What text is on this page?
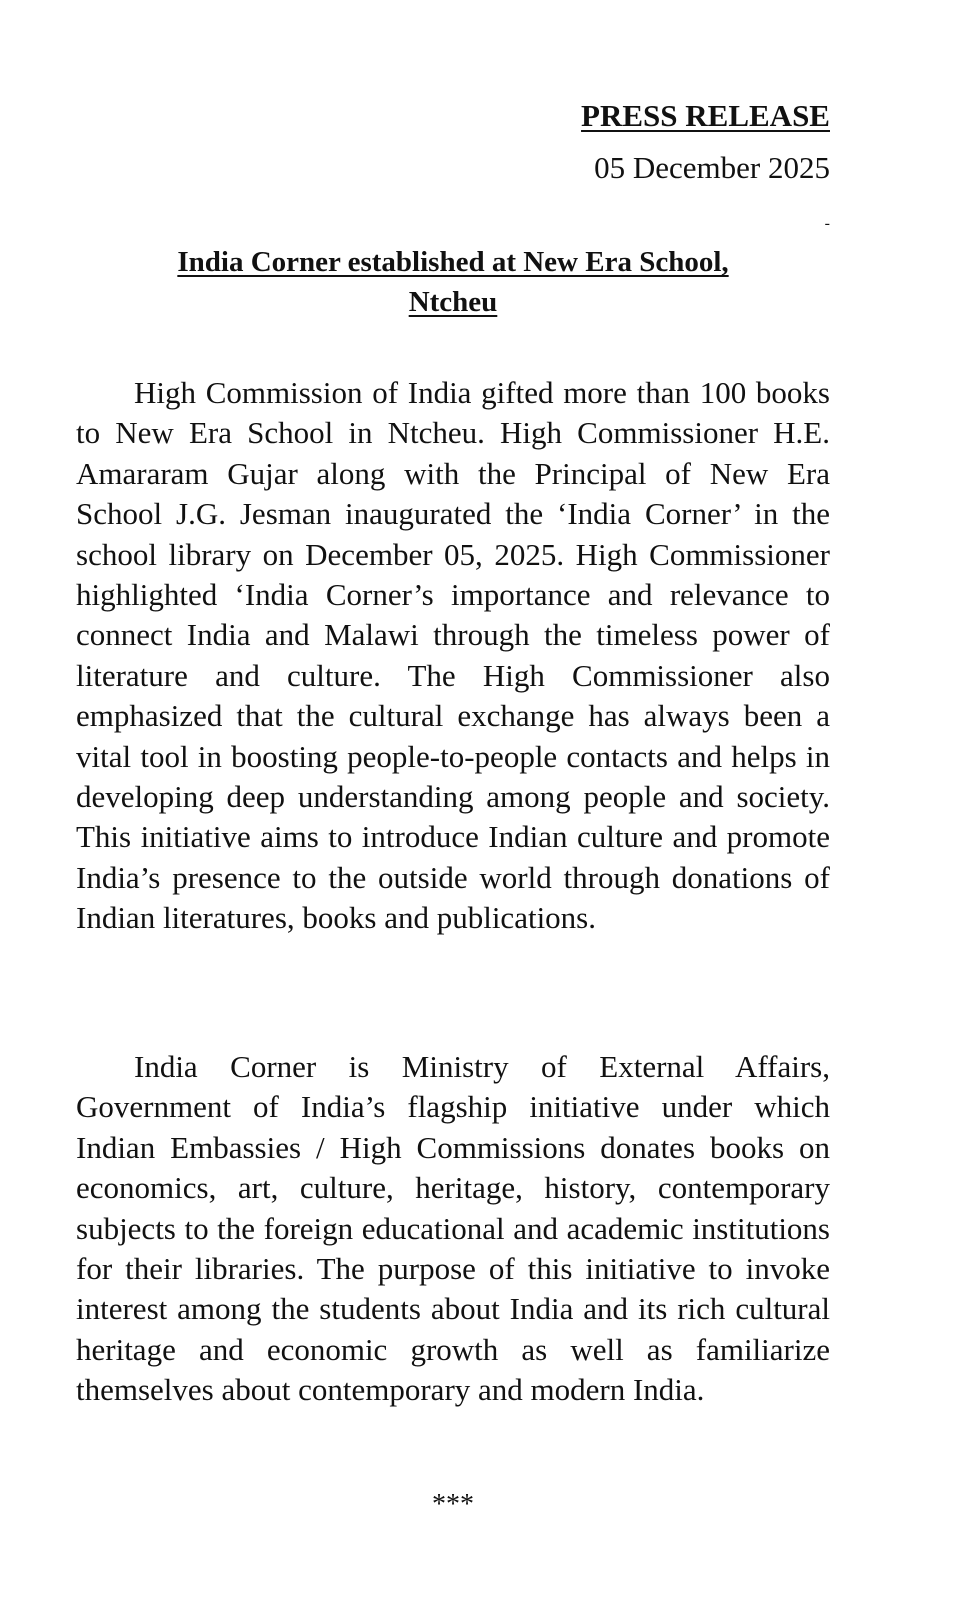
PRESS RELEASE
05 December 2025
-
India Corner established at New Era School,
Ntcheu

High Commission of India gifted more than 100 books to New Era School in Ntcheu. High Commissioner H.E. Amararam Gujar along with the Principal of New Era School J.G. Jesman inaugurated the ‘India Corner’ in the school library on December 05, 2025. High Commissioner highlighted ‘India Corner’s importance and relevance to connect India and Malawi through the timeless power of literature and culture. The High Commissioner also emphasized that the cultural exchange has always been a vital tool in boosting people-to-people contacts and helps in developing deep understanding among people and society. This initiative aims to introduce Indian culture and promote India’s presence to the outside world through donations of Indian literatures, books and publications.

India Corner is Ministry of External Affairs, Government of India’s flagship initiative under which Indian Embassies / High Commissions donates books on economics, art, culture, heritage, history, contemporary subjects to the foreign educational and academic institutions for their libraries. The purpose of this initiative to invoke interest among the students about India and its rich cultural heritage and economic growth as well as familiarize themselves about contemporary and modern India.

***
